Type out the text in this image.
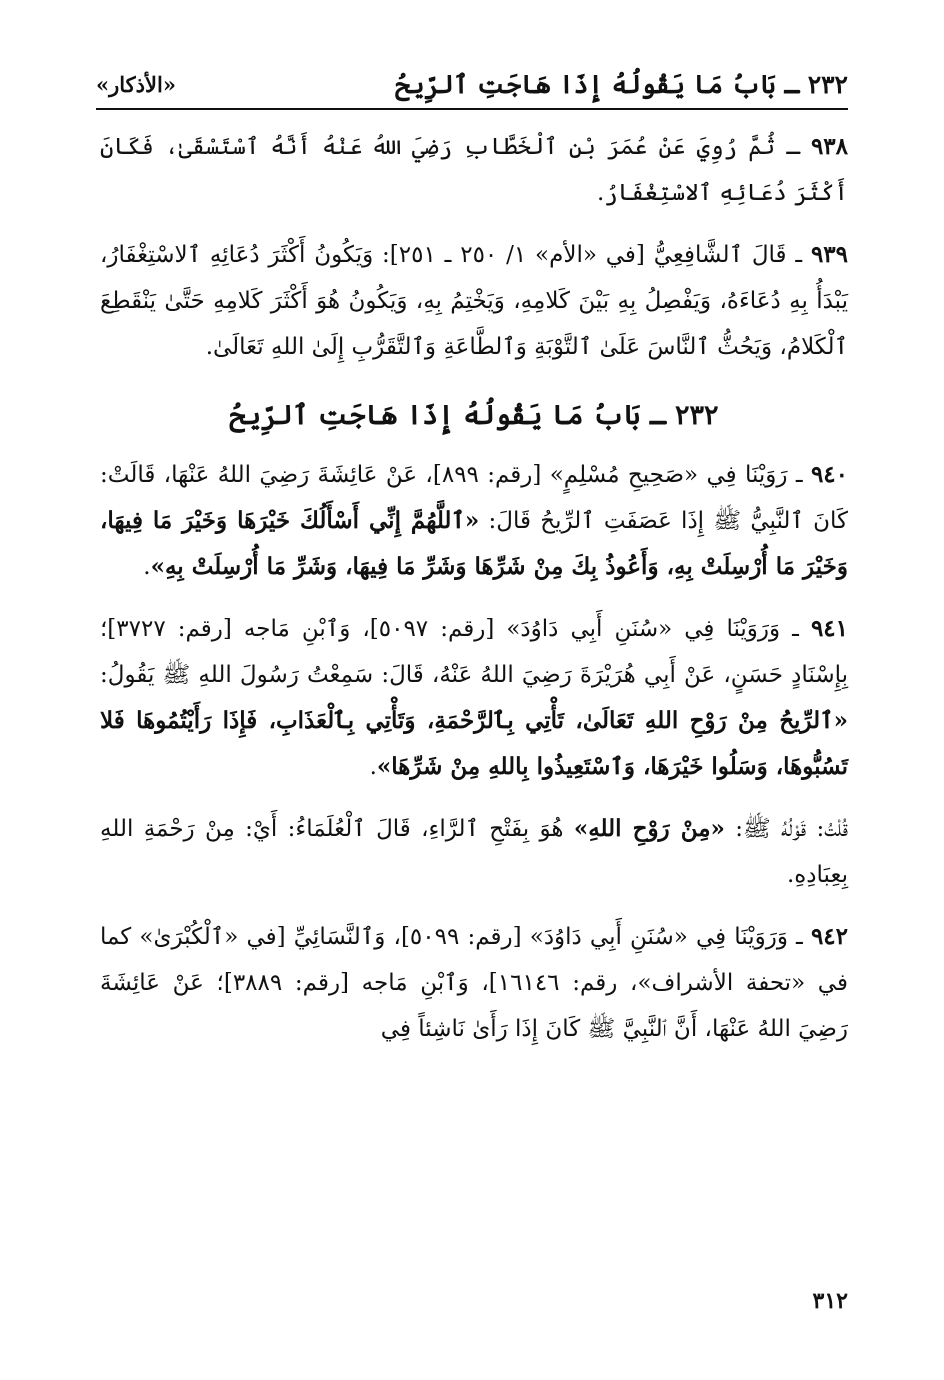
٢٣٢ ـ بَابُ مَا يَقُولُهُ إِذَا هَاجَتِ ٱلرِّيحُ
«الأذكار»

٩٣٨ ـ ثُمَّ رُوِيَ عَنْ عُمَرَ بْنِ ٱلْخَطَّابِ رَضِيَ اللهُ عَنْهُ أَنَّهُ ٱسْتَسْقَىٰ، فَكَانَ أَكْثَرَ دُعَائِهِ ٱلاسْتِغْفَارُ.

٩٣٩ ـ قَالَ ٱلشَّافِعِيُّ [في «الأم» ١/ ٢٥٠ ـ ٢٥١]: وَيَكُونُ أَكْثَرَ دُعَائِهِ ٱلاسْتِغْفَارُ، يَبْدَأُ بِهِ دُعَاءَهُ، وَيَفْصِلُ بِهِ بَيْنَ كَلامِهِ، وَيَخْتِمُ بِهِ، وَيَكُونُ هُوَ أَكْثَرَ كَلامِهِ حَتَّىٰ يَنْقَطِعَ ٱلْكَلامُ، وَيَحُثُّ ٱلنَّاسَ عَلَىٰ ٱلتَّوْبَةِ وَٱلطَّاعَةِ وَٱلتَّقَرُّبِ إِلَىٰ اللهِ تَعَالَىٰ.

٢٣٢ ـ بَابُ مَا يَقُولُهُ إِذَا هَاجَتِ ٱلرِّيحُ

٩٤٠ ـ رَوَيْنَا فِي «صَحِيحِ مُسْلِمٍ» [رقم: ٨٩٩]، عَنْ عَائِشَةَ رَضِيَ اللهُ عَنْهَا، قَالَتْ: كَانَ ٱلنَّبِيُّ ﷺ إِذَا عَصَفَتِ ٱلرِّيحُ قَالَ: «ٱللَّهُمَّ إِنِّي أَسْأَلُكَ خَيْرَهَا وَخَيْرَ مَا فِيهَا، وَخَيْرَ مَا أُرْسِلَتْ بِهِ، وَأَعُوذُ بِكَ مِنْ شَرِّهَا وَشَرِّ مَا فِيهَا، وَشَرِّ مَا أُرْسِلَتْ بِهِ».

٩٤١ ـ وَرَوَيْنَا فِي «سُنَنِ أَبِي دَاوُدَ» [رقم: ٥٠٩٧]، وَٱبْنِ مَاجه [رقم: ٣٧٢٧]؛ بِإِسْنَادٍ حَسَنٍ، عَنْ أَبِي هُرَيْرَةَ رَضِيَ اللهُ عَنْهُ، قَالَ: سَمِعْتُ رَسُولَ اللهِ ﷺ يَقُولُ: «ٱلرِّيحُ مِنْ رَوْحِ اللهِ تَعَالَىٰ، تَأْتِي بِٱلرَّحْمَةِ، وَتَأْتِي بِٱلْعَذَابِ، فَإِذَا رَأَيْتُمُوهَا فَلا تَسُبُّوهَا، وَسَلُوا خَيْرَهَا، وَٱسْتَعِيذُوا بِاللهِ مِنْ شَرِّهَا».

قُلْتُ: قَوْلُهُ ﷺ: «مِنْ رَوْحِ اللهِ» هُوَ بِفَتْحِ ٱلرَّاءِ، قَالَ ٱلْعُلَمَاءُ: أَيْ: مِنْ رَحْمَةِ اللهِ بِعِبَادِهِ.

٩٤٢ ـ وَرَوَيْنَا فِي «سُنَنِ أَبِي دَاوُدَ» [رقم: ٥٠٩٩]، وَٱلنَّسَائِيِّ [في «ٱلْكُبْرَىٰ» كما في «تحفة الأشراف»، رقم: ١٦١٤٦]، وَٱبْنِ مَاجه [رقم: ٣٨٨٩]؛ عَنْ عَائِشَةَ رَضِيَ اللهُ عَنْهَا، أَنَّ ٱلنَّبِيَّ ﷺ كَانَ إِذَا رَأَىٰ نَاشِئاً فِي

٣١٢
